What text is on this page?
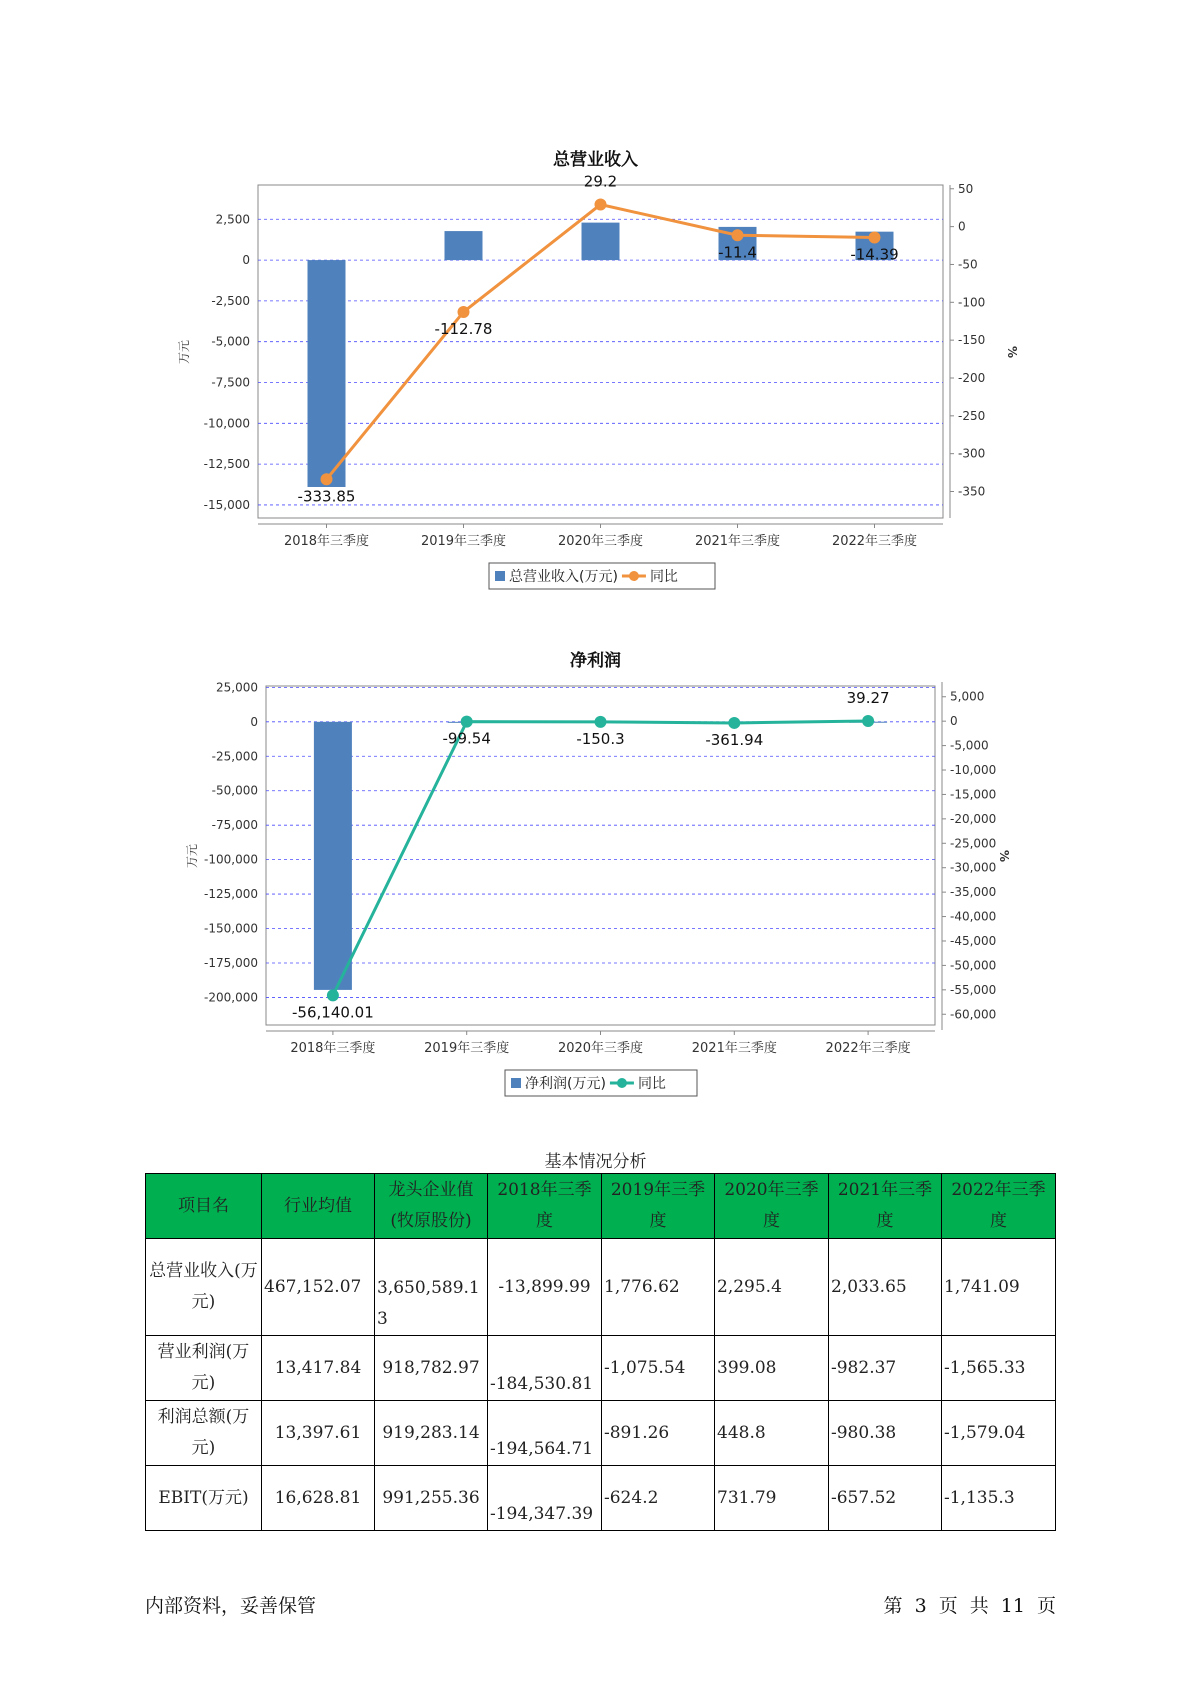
总营业收入
2,500
0
-2,500
-5,000
-7,500
-10,000
-12,500
-15,000
50
0
-50
-100
-150
-200
-250
-300
-350
万元	%
2018年三季度	2019年三季度	2020年三季度	2021年三季度	2022年三季度
-333.85
-112.78
29.2
-11.4	-14.39
总营业收入(万元) 同比
净利润
25,000
0
-25,000
-50,000
-75,000
-100,000
-125,000
-150,000
-175,000
-200,000
5,000
0
-5,000
-10,000
-15,000
-20,000
-25,000
-30,000
-35,000
-40,000
-45,000
-50,000
-55,000
-60,000
万元	%
2018年三季度	2019年三季度	2020年三季度	2021年三季度	2022年三季度
-56,140.01
-99.54	-150.3	-361.94
39.27
净利润(万元) 同比
基本情况分析
项目名	行业均值	龙头企业值(牧原股份)	2018年三季度	2019年三季度	2020年三季度	2021年三季度	2022年三季度
总营业收入(万元)	467,152.07	3,650,589.13	-13,899.99	1,776.62	2,295.4	2,033.65	1,741.09
营业利润(万元)	13,417.84	918,782.97	-184,530.81	-1,075.54	399.08	-982.37	-1,565.33
利润总额(万元)	13,397.61	919,283.14	-194,564.71	-891.26	448.8	-980.38	-1,579.04
EBIT(万元)	16,628.81	991,255.36	-194,347.39	-624.2	731.79	-657.52	-1,135.3
内部资料，妥善保管	第 3 页 共 11 页
